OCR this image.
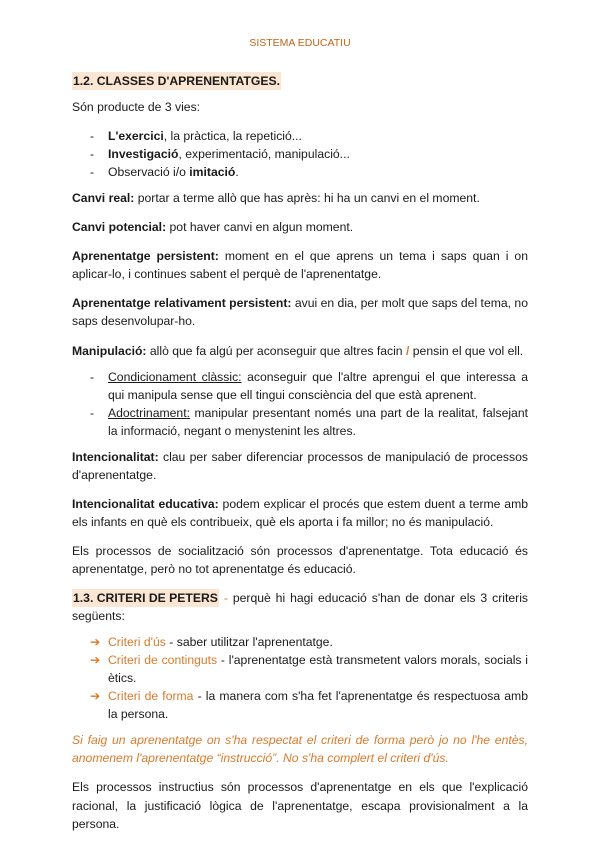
SISTEMA EDUCATIU
1.2. CLASSES D'APRENENTATGES.

Són producte de 3 vies:

- L'exercici, la pràctica, la repetició...
- Investigació, experimentació, manipulació...
- Observació i/o imitació.

Canvi real: portar a terme allò que has après: hi ha un canvi en el moment.

Canvi potencial: pot haver canvi en algun moment.

Aprenentatge persistent: moment en el que aprens un tema i saps quan i on aplicar-lo, i continues sabent el perquè de l'aprenentatge.

Aprenentatge relativament persistent: avui en dia, per molt que saps del tema, no saps desenvolupar-ho.

Manipulació: allò que fa algú per aconseguir que altres facin / pensin el que vol ell.

- Condicionament clàssic: aconseguir que l'altre aprengui el que interessa a qui manipula sense que ell tingui consciència del que està aprenent.
- Adoctrinament: manipular presentant només una part de la realitat, falsejant la informació, negant o menystenint les altres.

Intencionalitat: clau per saber diferenciar processos de manipulació de processos d'aprenentatge.

Intencionalitat educativa: podem explicar el procés que estem duent a terme amb els infants en què els contribueix, què els aporta i fa millor; no és manipulació.

Els processos de socialització són processos d'aprenentatge. Tota educació és aprenentatge, però no tot aprenentatge és educació.

1.3. CRITERI DE PETERS - perquè hi hagi educació s'han de donar els 3 criteris següents:

➔ Criteri d'ús - saber utilitzar l'aprenentatge.
➔ Criteri de continguts - l'aprenentatge està transmetent valors morals, socials i ètics.
➔ Criteri de forma - la manera com s'ha fet l'aprenentatge és respectuosa amb la persona.

Si faig un aprenentatge on s'ha respectat el criteri de forma però jo no l'he entès, anomenem l'aprenentatge “instrucció”. No s'ha complert el criteri d'ús.

Els processos instructius són processos d'aprenentatge en els que l'explicació racional, la justificació lògica de l'aprenentatge, escapa provisionalment a la persona.
